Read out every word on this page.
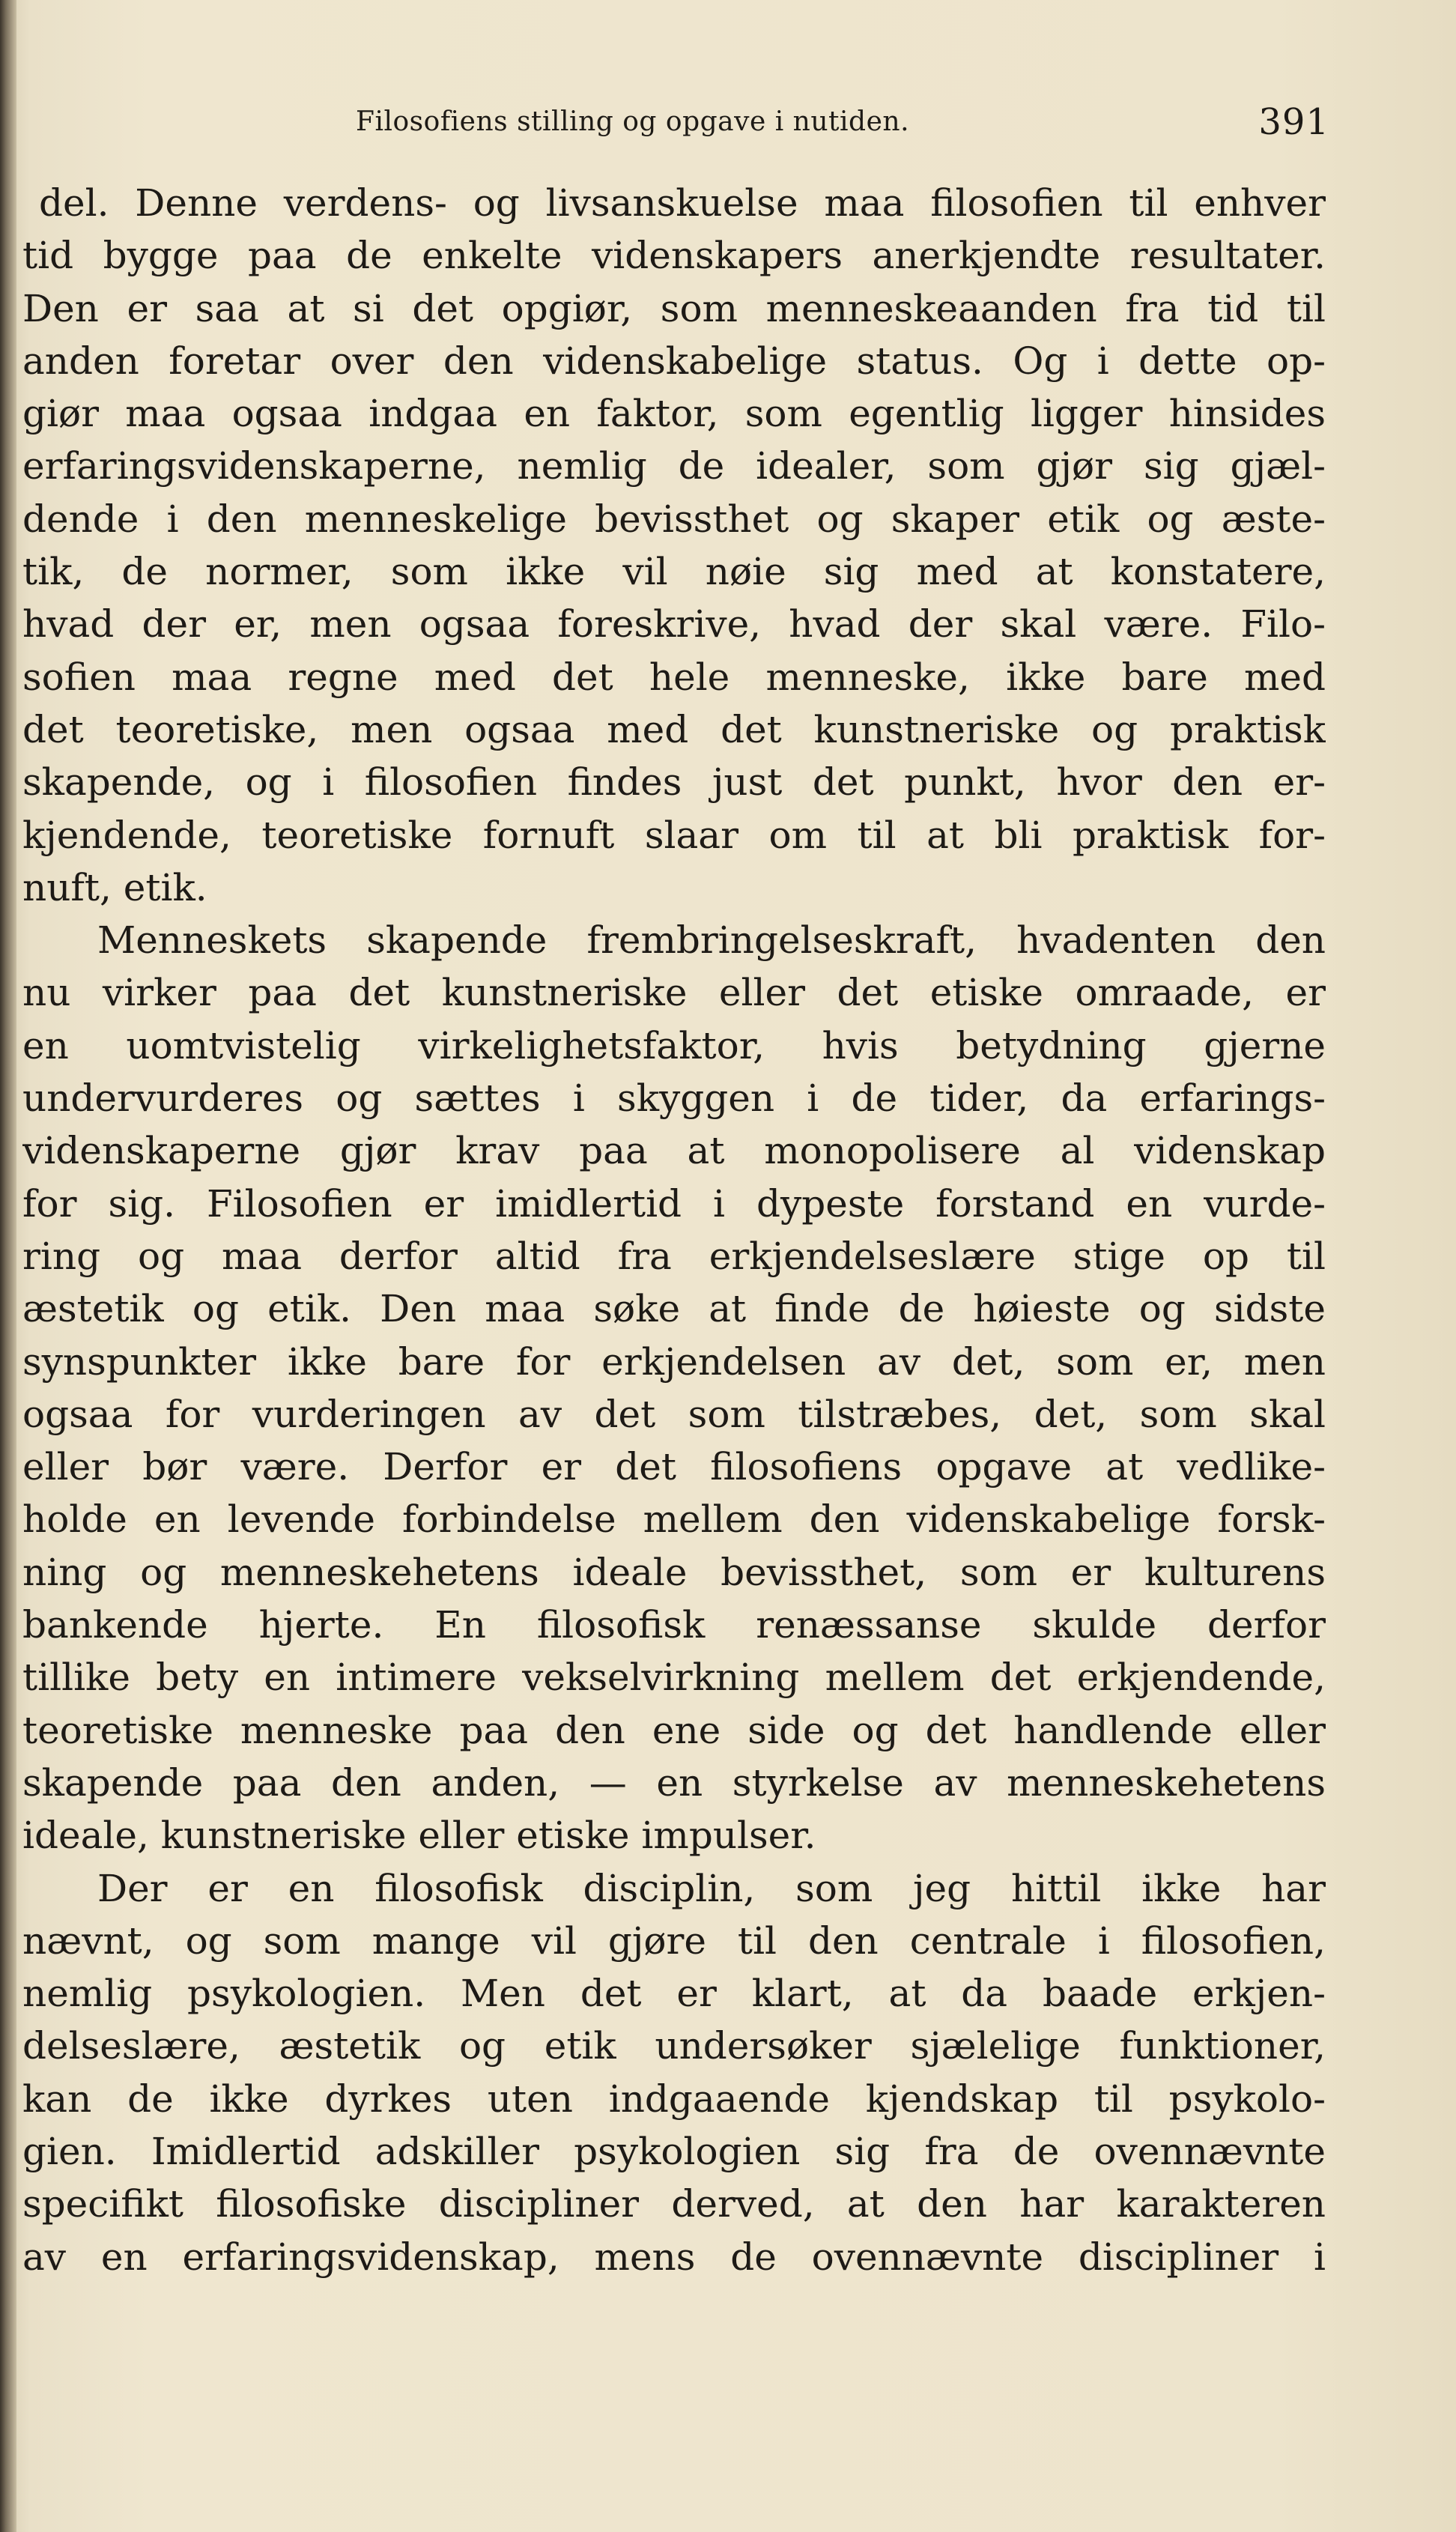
Filosofiens stilling og opgave i nutiden.	391
del. Denne verdens- og livsanskuelse maa filosofien til enhver
tid bygge paa de enkelte videnskapers anerkjendte resultater.
Den er saa at si det opgiør, som menneskeaanden fra tid til
anden foretar over den videnskabelige status. Og i dette op-
giør maa ogsaa indgaa en faktor, som egentlig ligger hinsides
erfaringsvidenskaperne, nemlig de idealer, som gjør sig gjæl-
dende i den menneskelige bevissthet og skaper etik og æste-
tik, de normer, som ikke vil nøie sig med at konstatere,
hvad der er, men ogsaa foreskrive, hvad der skal være. Filo-
sofien maa regne med det hele menneske, ikke bare med
det teoretiske, men ogsaa med det kunstneriske og praktisk
skapende, og i filosofien findes just det punkt, hvor den er-
kjendende, teoretiske fornuft slaar om til at bli praktisk for-
nuft, etik.
Menneskets skapende frembringelseskraft, hvadenten den
nu virker paa det kunstneriske eller det etiske omraade, er
en uomtvistelig virkelighetsfaktor, hvis betydning gjerne
undervurderes og sættes i skyggen i de tider, da erfarings-
videnskaperne gjør krav paa at monopolisere al videnskap
for sig. Filosofien er imidlertid i dypeste forstand en vurde-
ring og maa derfor altid fra erkjendelseslære stige op til
æstetik og etik. Den maa søke at finde de høieste og sidste
synspunkter ikke bare for erkjendelsen av det, som er, men
ogsaa for vurderingen av det som tilstræbes, det, som skal
eller bør være. Derfor er det filosofiens opgave at vedlike-
holde en levende forbindelse mellem den videnskabelige forsk-
ning og menneskehetens ideale bevissthet, som er kulturens
bankende hjerte. En filosofisk renæssanse skulde derfor
tillike bety en intimere vekselvirkning mellem det erkjendende,
teoretiske menneske paa den ene side og det handlende eller
skapende paa den anden, — en styrkelse av menneskehetens
ideale, kunstneriske eller etiske impulser.
Der er en filosofisk disciplin, som jeg hittil ikke har
nævnt, og som mange vil gjøre til den centrale i filosofien,
nemlig psykologien. Men det er klart, at da baade erkjen-
delseslære, æstetik og etik undersøker sjælelige funktioner,
kan de ikke dyrkes uten indgaaende kjendskap til psykolo-
gien. Imidlertid adskiller psykologien sig fra de ovennævnte
specifikt filosofiske discipliner derved, at den har karakteren
av en erfaringsvidenskap, mens de ovennævnte discipliner i
